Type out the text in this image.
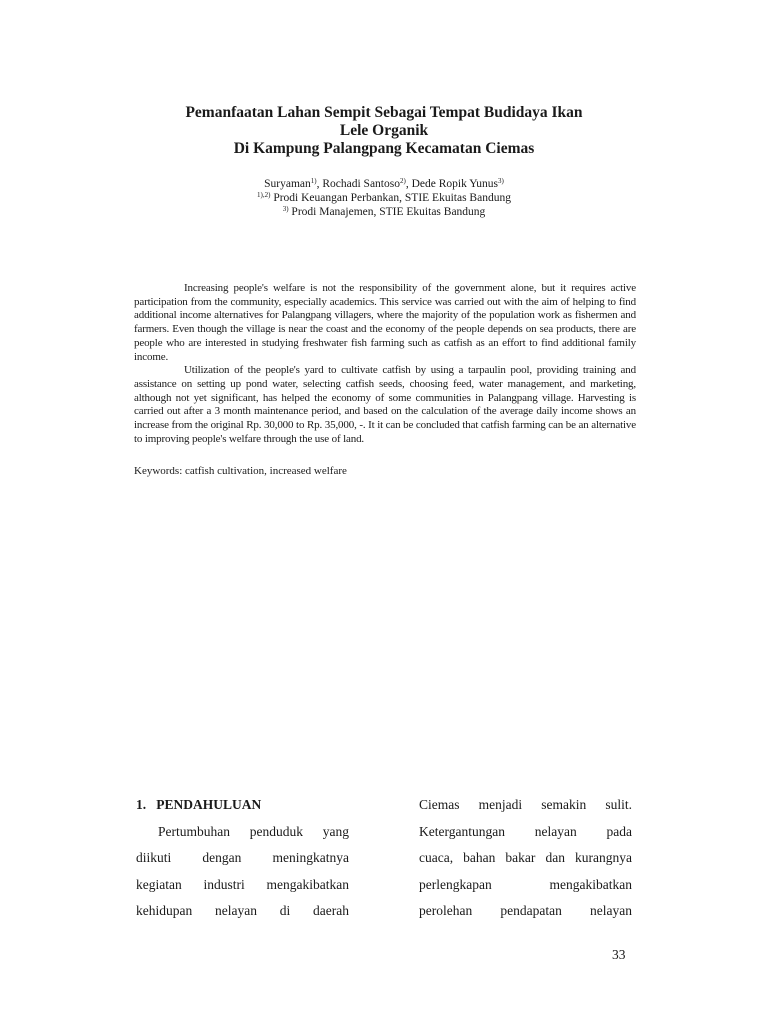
Pemanfaatan Lahan Sempit Sebagai Tempat Budidaya Ikan
Lele Organik
Di Kampung Palangpang Kecamatan Ciemas
Suryaman$^{1)}$, Rochadi Santoso$^{2)}$, Dede Ropik Yunus$^{3)}$
$^{1),2)}$ Prodi Keuangan Perbankan, STIE Ekuitas Bandung
$^{3)}$ Prodi Manajemen, STIE Ekuitas Bandung

Increasing people's welfare is not the responsibility of the government alone, but it requires active participation from the community, especially academics. This service was carried out with the aim of helping to find additional income alternatives for Palangpang villagers, where the majority of the population work as fishermen and farmers. Even though the village is near the coast and the economy of the people depends on sea products, there are people who are interested in studying freshwater fish farming such as catfish as an effort to find additional family income.

Utilization of the people's yard to cultivate catfish by using a tarpaulin pool, providing training and assistance on setting up pond water, selecting catfish seeds, choosing feed, water management, and marketing, although not yet significant, has helped the economy of some communities in Palangpang village. Harvesting is carried out after a 3 month maintenance period, and based on the calculation of the average daily income shows an increase from the original Rp. 30,000 to Rp. 35,000, -. It it can be concluded that catfish farming can be an alternative to improving people's welfare through the use of land.

Keywords: catfish cultivation, increased welfare

1.   PENDAHULUAN

Pertumbuhan penduduk yang
diikuti dengan meningkatnya
kegiatan industri mengakibatkan
kehidupan nelayan di daerah
Ciemas menjadi semakin sulit.
Ketergantungan nelayan pada
cuaca, bahan bakar dan kurangnya
perlengkapan	mengakibatkan
perolehan pendapatan nelayan
33
